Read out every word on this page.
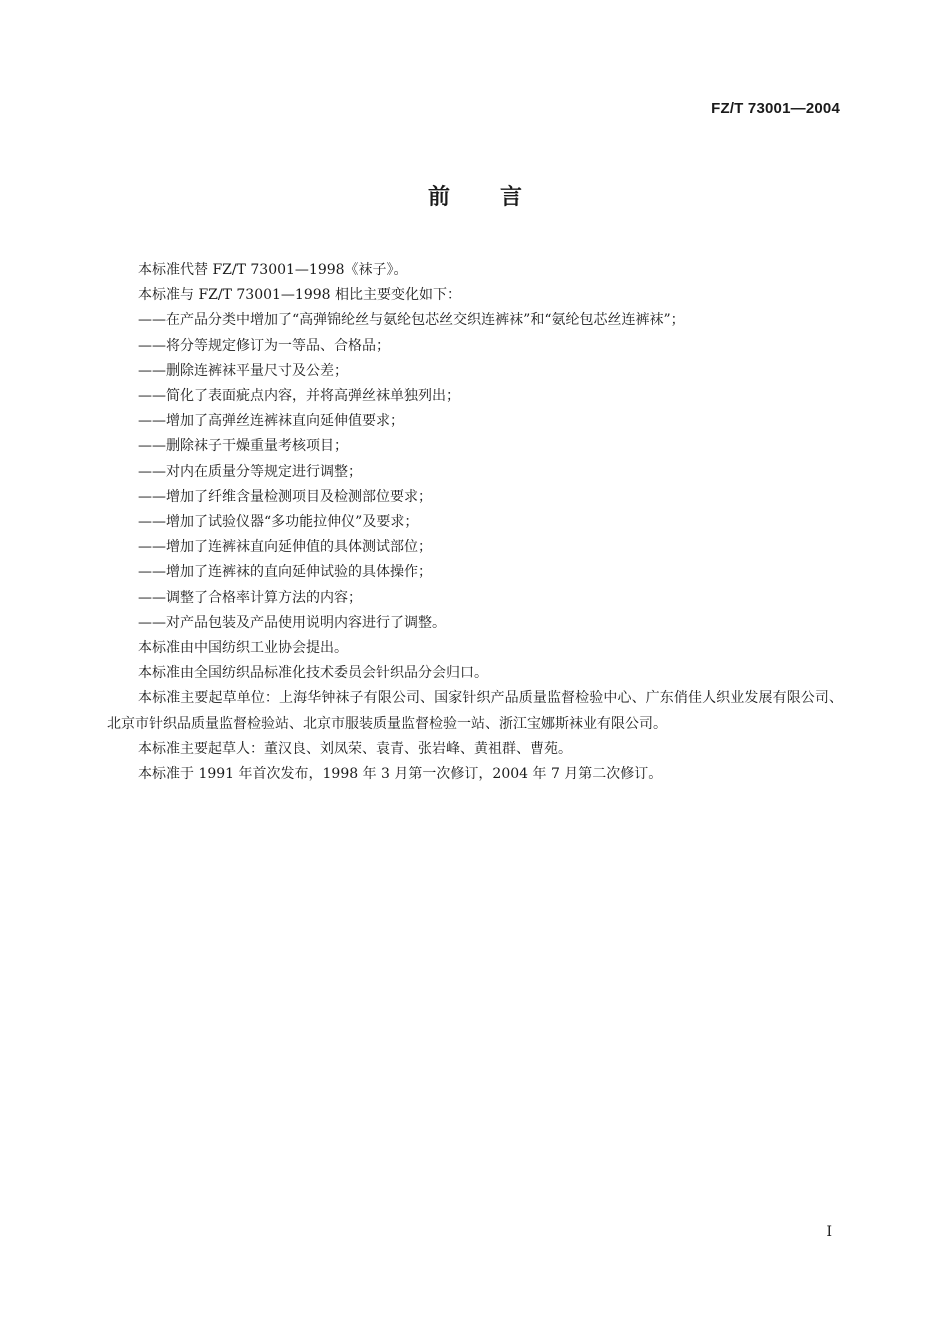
FZ/T 73001—2004
前言

本标准代替 FZ/T 73001—1998《袜子》。

本标准与 FZ/T 73001—1998 相比主要变化如下：

——在产品分类中增加了“高弹锦纶丝与氨纶包芯丝交织连裤袜”和“氨纶包芯丝连裤袜”；

——将分等规定修订为一等品、合格品；

——删除连裤袜平量尺寸及公差；

——简化了表面疵点内容，并将高弹丝袜单独列出；

——增加了高弹丝连裤袜直向延伸值要求；

——删除袜子干燥重量考核项目；

——对内在质量分等规定进行调整；

——增加了纤维含量检测项目及检测部位要求；

——增加了试验仪器“多功能拉伸仪”及要求；

——增加了连裤袜直向延伸值的具体测试部位；

——增加了连裤袜的直向延伸试验的具体操作；

——调整了合格率计算方法的内容；

——对产品包装及产品使用说明内容进行了调整。

本标准由中国纺织工业协会提出。

本标准由全国纺织品标准化技术委员会针织品分会归口。

本标准主要起草单位：上海华钟袜子有限公司、国家针织产品质量监督检验中心、广东俏佳人织业发展有限公司、北京市针织品质量监督检验站、北京市服装质量监督检验一站、浙江宝娜斯袜业有限公司。

本标准主要起草人：董汉良、刘凤荣、袁青、张岩峰、黄祖群、曹苑。

本标准于 1991 年首次发布，1998 年 3 月第一次修订，2004 年 7 月第二次修订。

I
